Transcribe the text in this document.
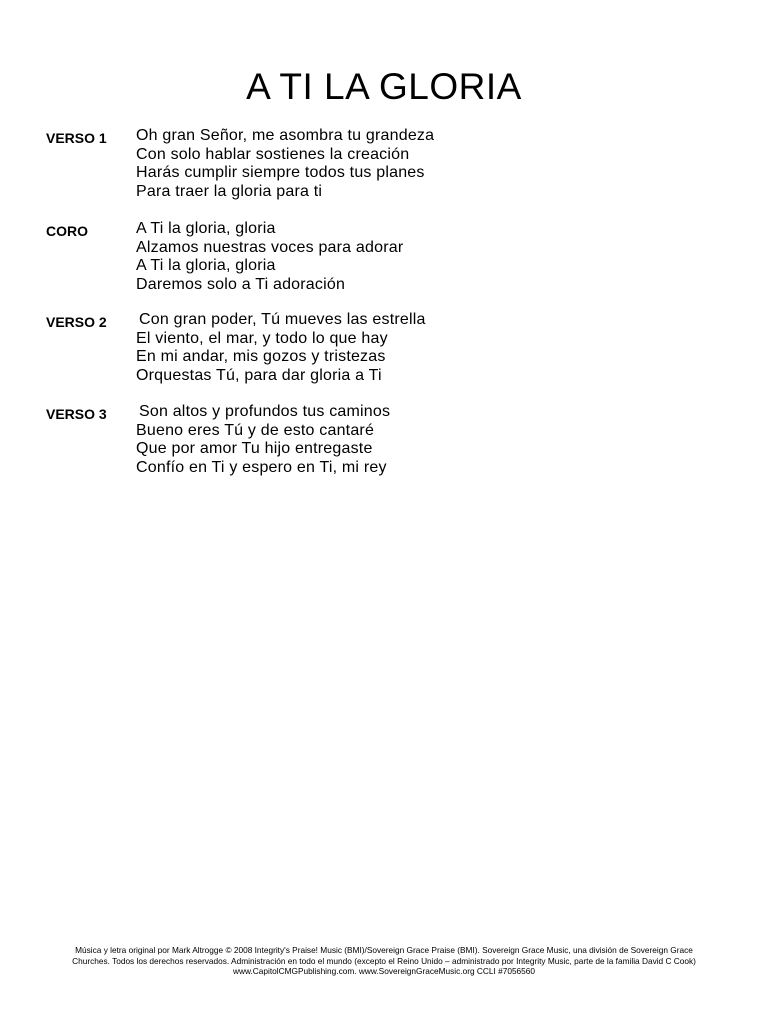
A TI LA GLORIA
VERSO 1 Oh gran Señor, me asombra tu grandeza
Con solo hablar sostienes la creación
Harás cumplir siempre todos tus planes
Para traer la gloria para ti
CORO	A Ti la gloria, gloria
Alzamos nuestras voces para adorar
A Ti la gloria, gloria
Daremos solo a Ti adoración
VERSO 2 Con gran poder, Tú mueves las estrella
El viento, el mar, y todo lo que hay
En mi andar, mis gozos y tristezas
Orquestas Tú, para dar gloria a Ti
VERSO 3 Son altos y profundos tus caminos
Bueno eres Tú y de esto cantaré
Que por amor Tu hijo entregaste
Confío en Ti y espero en Ti, mi rey
Música y letra original por Mark Altrogge © 2008 Integrity's Praise! Music (BMI)/Sovereign Grace Praise (BMI). Sovereign Grace Music, una división de Sovereign Grace
Churches. Todos los derechos reservados. Administración en todo el mundo (excepto el Reino Unido – administrado por Integrity Music, parte de la familia David C Cook)
www.CapitolCMGPublishing.com. www.SovereignGraceMusic.org CCLI #7056560
